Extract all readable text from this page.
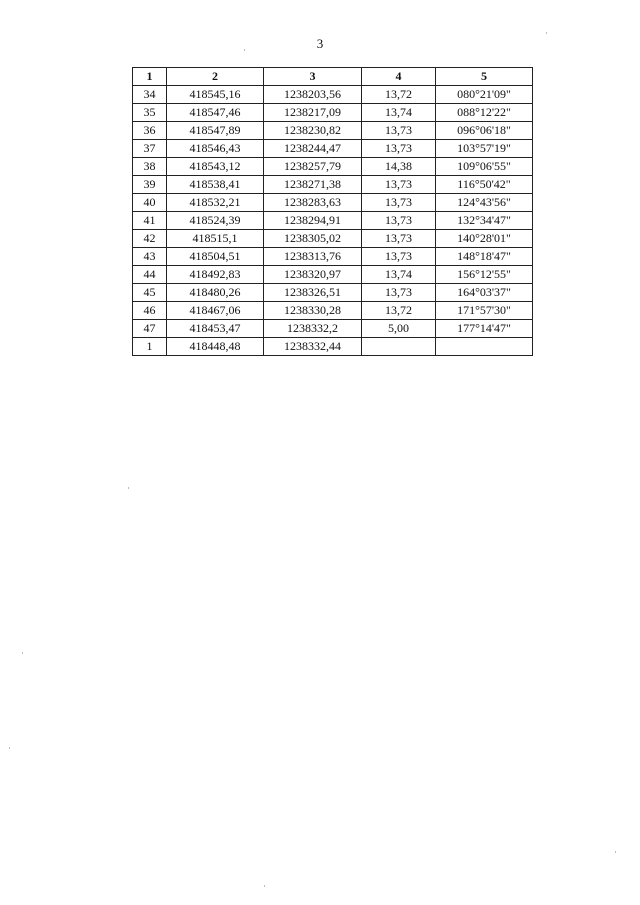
3
1	2	3	4	5
34	418545,16	1238203,56	13,72	080°21'09"
35	418547,46	1238217,09	13,74	088°12'22"
36	418547,89	1238230,82	13,73	096°06'18"
37	418546,43	1238244,47	13,73	103°57'19"
38	418543,12	1238257,79	14,38	109°06'55"
39	418538,41	1238271,38	13,73	116°50'42"
40	418532,21	1238283,63	13,73	124°43'56"
41	418524,39	1238294,91	13,73	132°34'47"
42	418515,1	1238305,02	13,73	140°28'01"
43	418504,51	1238313,76	13,73	148°18'47"
44	418492,83	1238320,97	13,74	156°12'55"
45	418480,26	1238326,51	13,73	164°03'37"
46	418467,06	1238330,28	13,72	171°57'30"
47	418453,47	1238332,2	5,00	177°14'47"
1	418448,48	1238332,44		
